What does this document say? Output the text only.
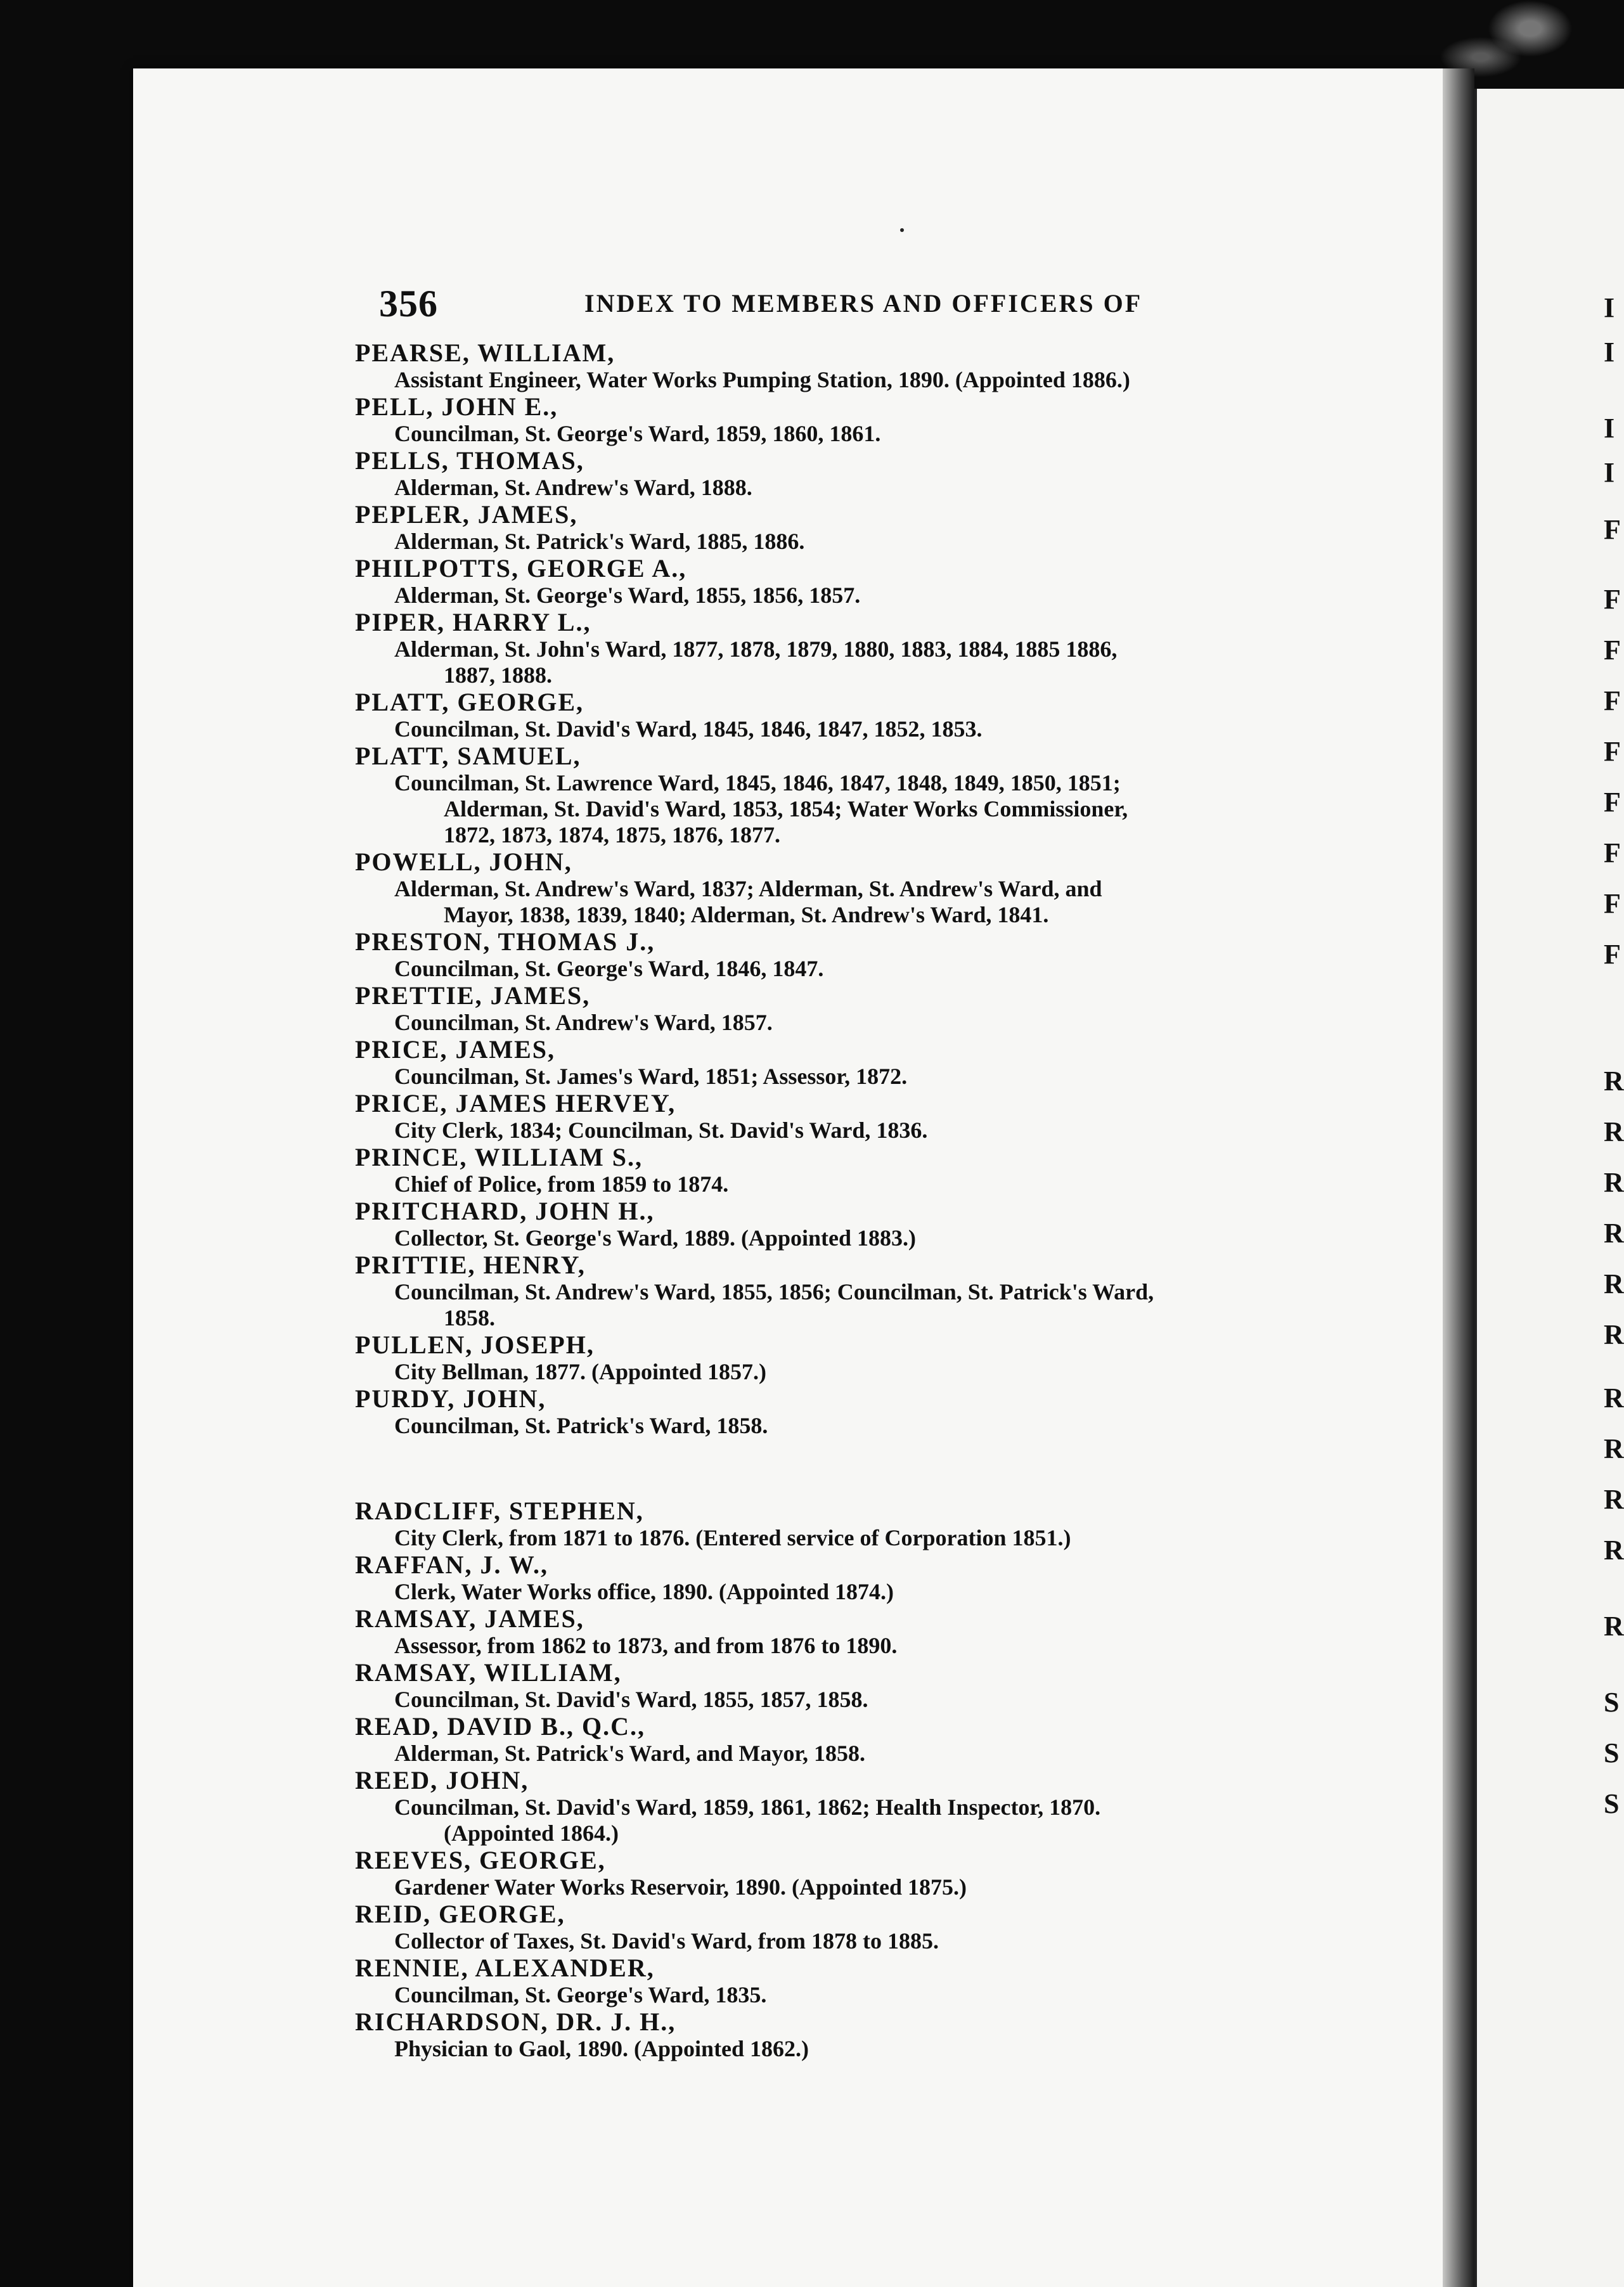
I
I
I
I
F
F
F
F
F
F
F
F
F
R
R
R
R
R
R
R
R
R
R
R
S
S
S
356	INDEX TO MEMBERS AND OFFICERS OF
PEARSE, WILLIAM,
Assistant Engineer, Water Works Pumping Station, 1890. (Appointed 1886.)
PELL, JOHN E.,
Councilman, St. George's Ward, 1859, 1860, 1861.
PELLS, THOMAS,
Alderman, St. Andrew's Ward, 1888.
PEPLER, JAMES,
Alderman, St. Patrick's Ward, 1885, 1886.
PHILPOTTS, GEORGE A.,
Alderman, St. George's Ward, 1855, 1856, 1857.
PIPER, HARRY L.,
Alderman, St. John's Ward, 1877, 1878, 1879, 1880, 1883, 1884, 1885 1886,
1887, 1888.
PLATT, GEORGE,
Councilman, St. David's Ward, 1845, 1846, 1847, 1852, 1853.
PLATT, SAMUEL,
Councilman, St. Lawrence Ward, 1845, 1846, 1847, 1848, 1849, 1850, 1851;
Alderman, St. David's Ward, 1853, 1854; Water Works Commissioner,
1872, 1873, 1874, 1875, 1876, 1877.
POWELL, JOHN,
Alderman, St. Andrew's Ward, 1837; Alderman, St. Andrew's Ward, and
Mayor, 1838, 1839, 1840; Alderman, St. Andrew's Ward, 1841.
PRESTON, THOMAS J.,
Councilman, St. George's Ward, 1846, 1847.
PRETTIE, JAMES,
Councilman, St. Andrew's Ward, 1857.
PRICE, JAMES,
Councilman, St. James's Ward, 1851; Assessor, 1872.
PRICE, JAMES HERVEY,
City Clerk, 1834; Councilman, St. David's Ward, 1836.
PRINCE, WILLIAM S.,
Chief of Police, from 1859 to 1874.
PRITCHARD, JOHN H.,
Collector, St. George's Ward, 1889. (Appointed 1883.)
PRITTIE, HENRY,
Councilman, St. Andrew's Ward, 1855, 1856; Councilman, St. Patrick's Ward,
1858.
PULLEN, JOSEPH,
City Bellman, 1877. (Appointed 1857.)
PURDY, JOHN,
Councilman, St. Patrick's Ward, 1858.
RADCLIFF, STEPHEN,
City Clerk, from 1871 to 1876. (Entered service of Corporation 1851.)
RAFFAN, J. W.,
Clerk, Water Works office, 1890. (Appointed 1874.)
RAMSAY, JAMES,
Assessor, from 1862 to 1873, and from 1876 to 1890.
RAMSAY, WILLIAM,
Councilman, St. David's Ward, 1855, 1857, 1858.
READ, DAVID B., Q.C.,
Alderman, St. Patrick's Ward, and Mayor, 1858.
REED, JOHN,
Councilman, St. David's Ward, 1859, 1861, 1862; Health Inspector, 1870.
(Appointed 1864.)
REEVES, GEORGE,
Gardener Water Works Reservoir, 1890. (Appointed 1875.)
REID, GEORGE,
Collector of Taxes, St. David's Ward, from 1878 to 1885.
RENNIE, ALEXANDER,
Councilman, St. George's Ward, 1835.
RICHARDSON, DR. J. H.,
Physician to Gaol, 1890. (Appointed 1862.)
